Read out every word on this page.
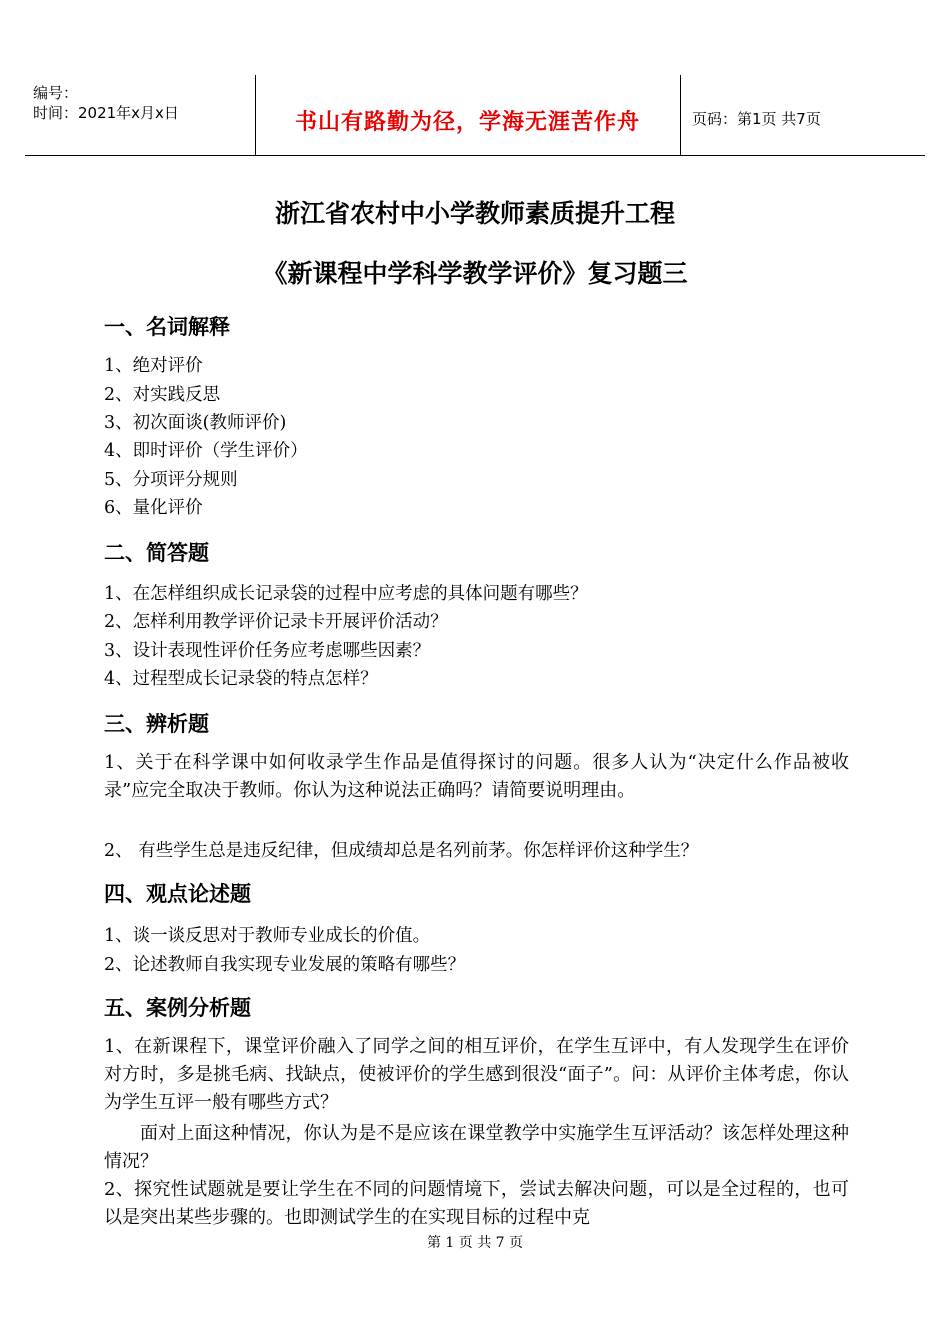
编号：
时间：2021年x月x日	书山有路勤为径，学海无涯苦作舟	页码：第1页 共7页
浙江省农村中小学教师素质提升工程
《新课程中学科学教学评价》复习题三
一、名词解释
1、绝对评价
2、对实践反思
3、初次面谈(教师评价)
4、即时评价（学生评价）
5、分项评分规则
6、量化评价
二、简答题
1、在怎样组织成长记录袋的过程中应考虑的具体问题有哪些？
2、怎样利用教学评价记录卡开展评价活动？
3、设计表现性评价任务应考虑哪些因素？
4、过程型成长记录袋的特点怎样？
三、辨析题
1、关于在科学课中如何收录学生作品是值得探讨的问题。很多人认为“决定什么作品被收录”应完全取决于教师。你认为这种说法正确吗？请简要说明理由。
2、 有些学生总是违反纪律，但成绩却总是名列前茅。你怎样评价这种学生？
四、观点论述题
1、谈一谈反思对于教师专业成长的价值。
2、论述教师自我实现专业发展的策略有哪些？
五、案例分析题
1、在新课程下，课堂评价融入了同学之间的相互评价，在学生互评中，有人发现学生在评价对方时，多是挑毛病、找缺点，使被评价的学生感到很没“面子”。问：从评价主体考虑，你认为学生互评一般有哪些方式？
面对上面这种情况，你认为是不是应该在课堂教学中实施学生互评活动？该怎样处理这种情况？
2、探究性试题就是要让学生在不同的问题情境下，尝试去解决问题，可以是全过程的，也可以是突出某些步骤的。也即测试学生的在实现目标的过程中克
第 1 页 共 7 页
